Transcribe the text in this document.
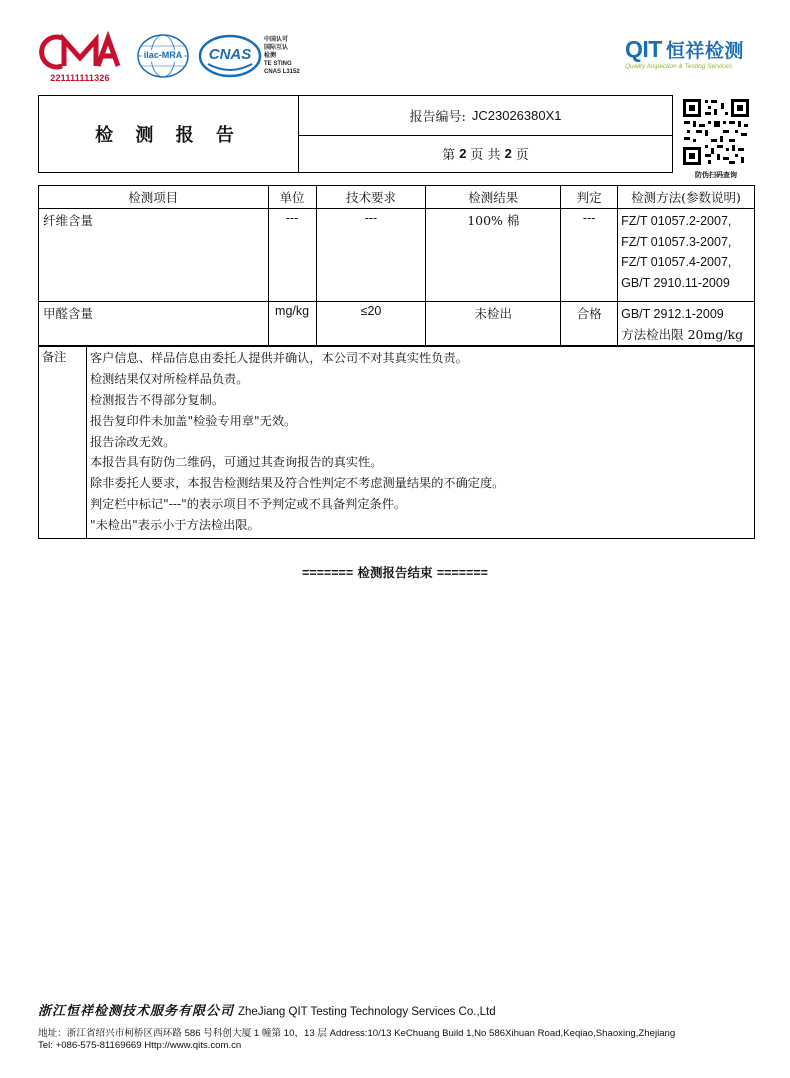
221111111326
ilac-MRA	CNAS
中国认可
国际互认
检测
TE STING
CNAS L3152
QIT 恒祥检测
Quality Inspection & Testing Services
检 测 报 告
报告编号: JC23026380X1
第 2 页 共 2 页
防伪扫码查询
检测项目	单位	技术要求	检测结果	判定	检测方法(参数说明)
纤维含量	---	---	100% 棉	---	FZ/T 01057.2-2007,
FZ/T 01057.3-2007,
FZ/T 01057.4-2007,
GB/T 2910.11-2009

甲醛含量	mg/kg	≤20	未检出	合格	GB/T 2912.1-2009
方法检出限 20mg/kg
备注	客户信息、样品信息由委托人提供并确认，本公司不对其真实性负责。
检测结果仅对所检样品负责。
检测报告不得部分复制。
报告复印件未加盖"检验专用章"无效。
报告涂改无效。
本报告具有防伪二维码，可通过其查询报告的真实性。
除非委托人要求，本报告检测结果及符合性判定不考虑测量结果的不确定度。
判定栏中标记"---"的表示项目不予判定或不具备判定条件。
"未检出"表示小于方法检出限。
======= 检测报告结束 =======
浙江恒祥检测技术服务有限公司 ZheJiang QIT Testing Technology Services Co.,Ltd
地址：浙江省绍兴市柯桥区西环路 586 号科创大厦 1 幢第 10、13 层 Address:10/13 KeChuang Build 1,No 586Xihuan Road,Keqiao,Shaoxing,Zhejiang
Tel: +086-575-81169669 Http://www.qits.com.cn
